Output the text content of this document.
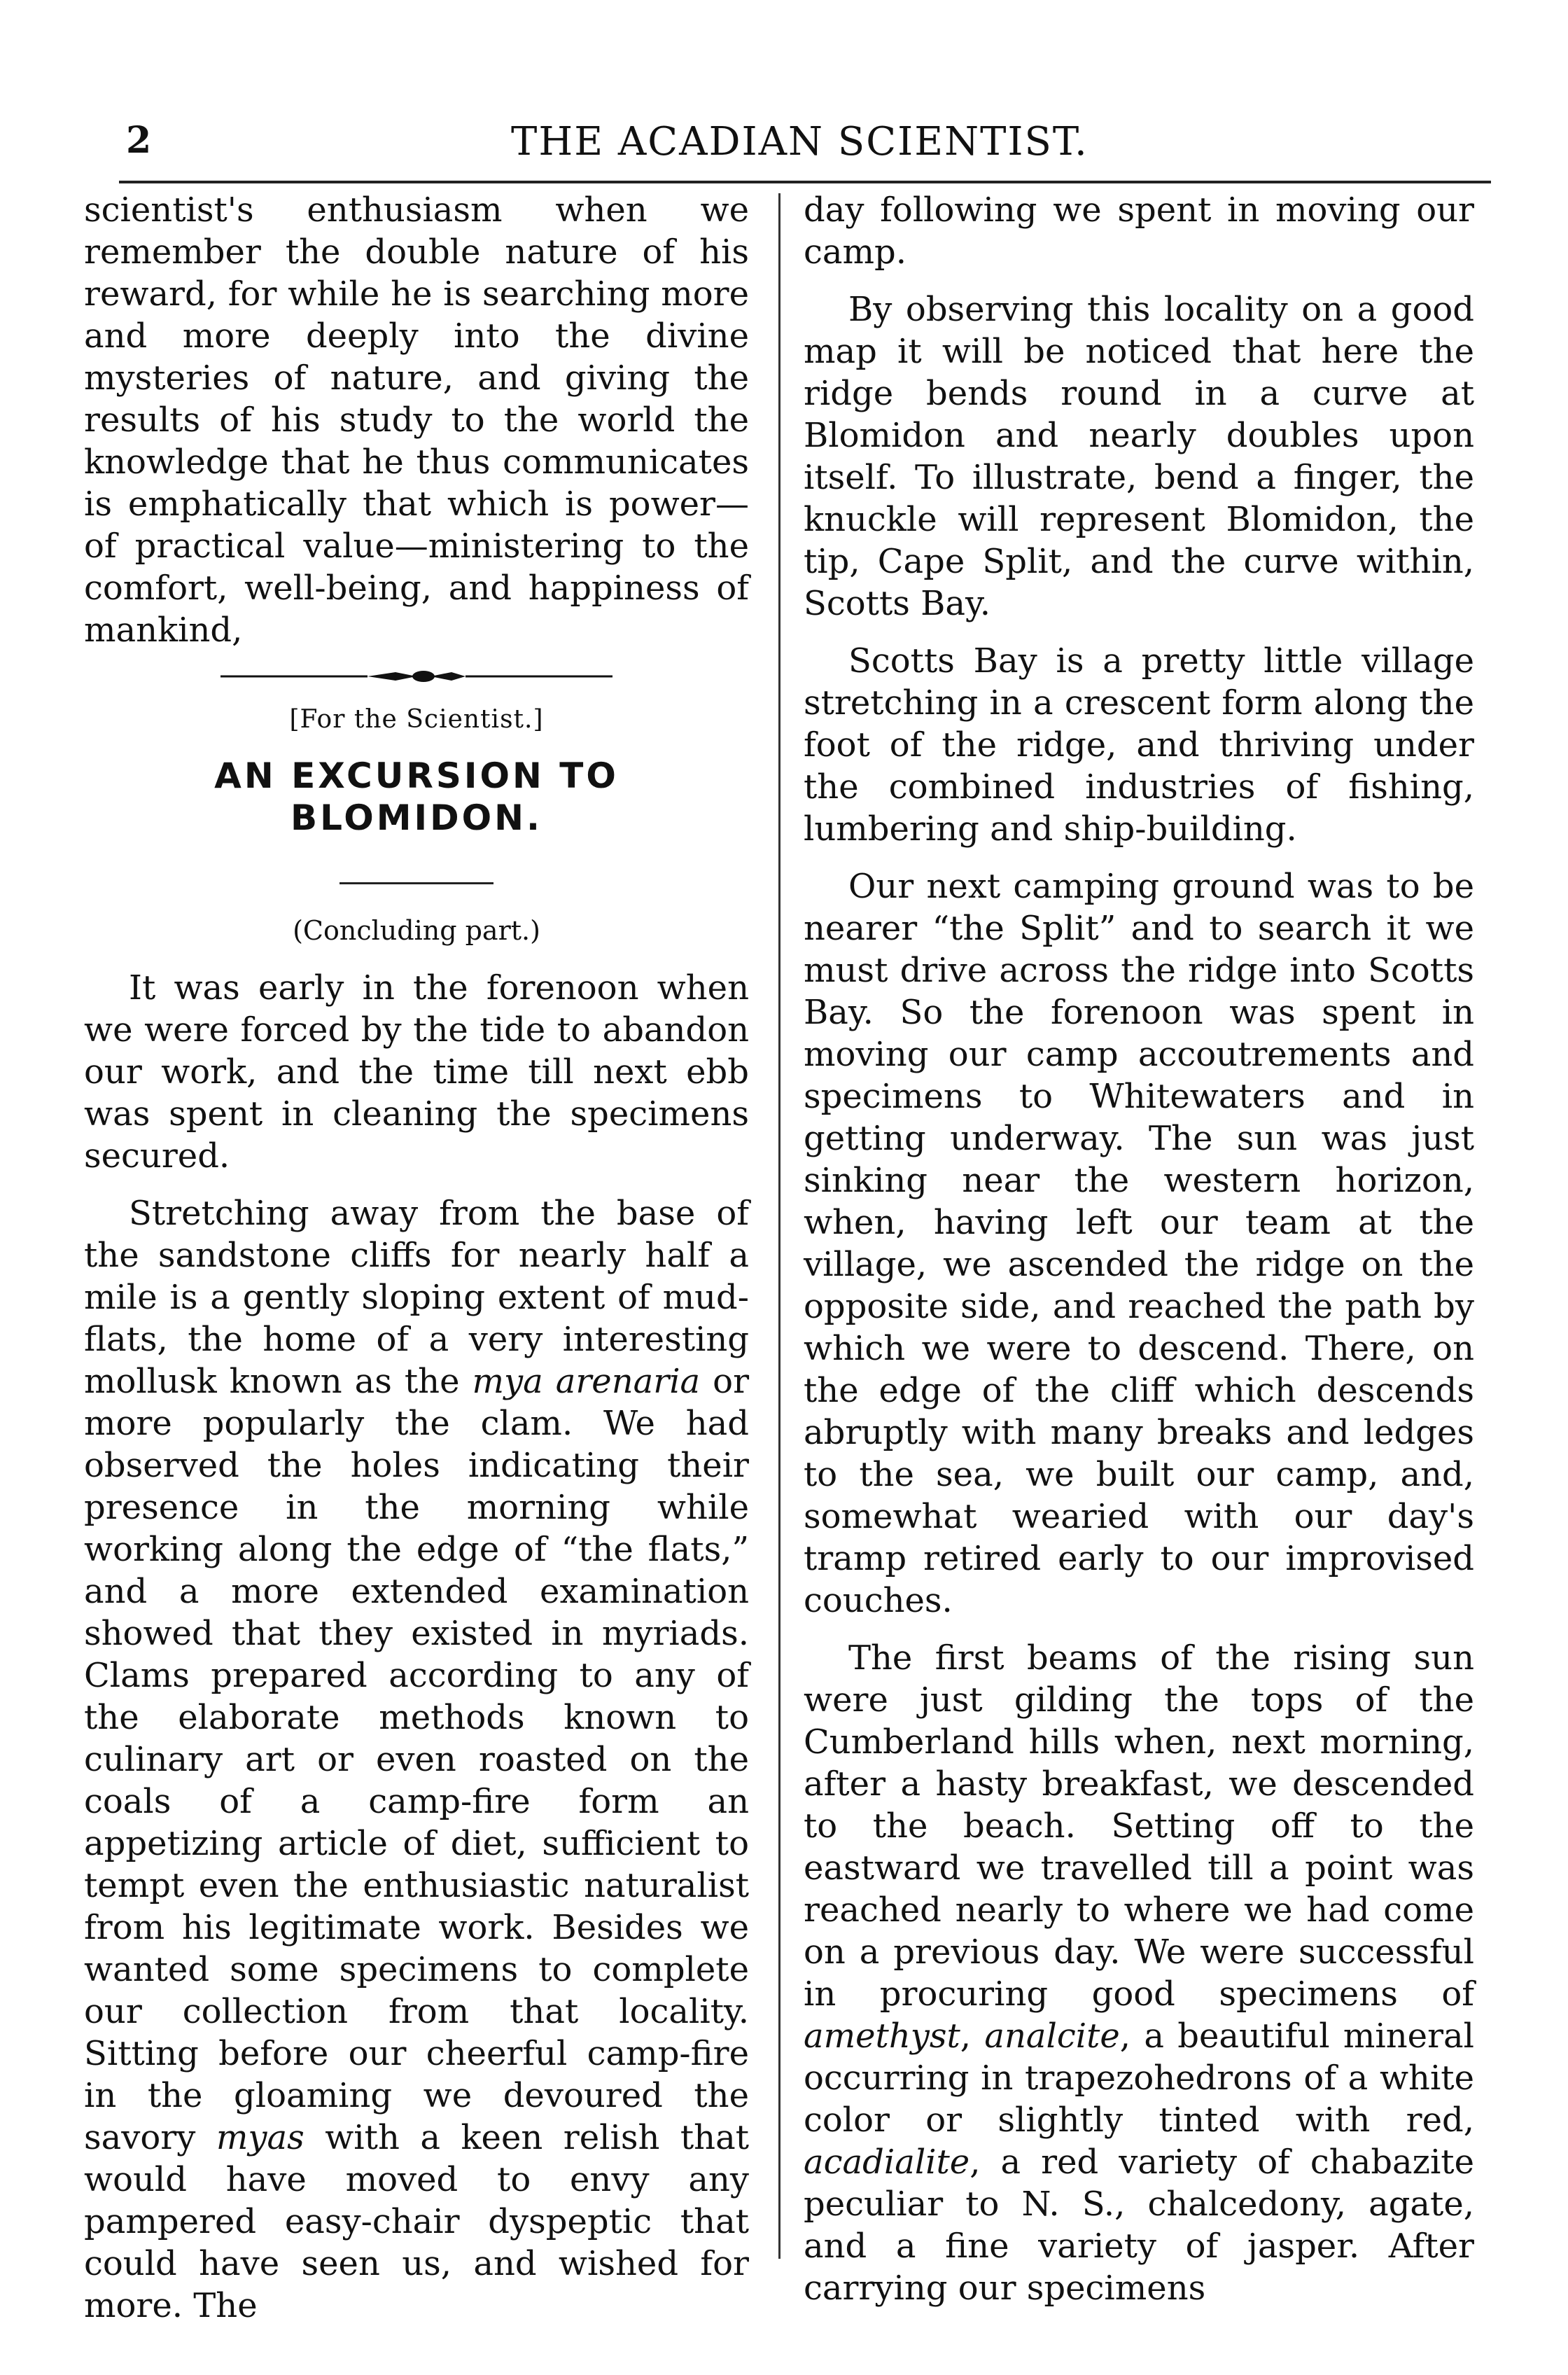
2	THE ACADIAN SCIENTIST.

scientist's enthusiasm when we remember the double nature of his reward, for while he is searching more and more deeply into the divine mysteries of nature, and giving the results of his study to the world the knowledge that he thus communicates is emphatically that which is power—of practical value—ministering to the comfort, well-being, and happiness of mankind,

[For the Scientist.]
AN EXCURSION TO BLOMIDON.
(Concluding part.)

It was early in the forenoon when we were forced by the tide to abandon our work, and the time till next ebb was spent in cleaning the specimens secured.

Stretching away from the base of the sandstone cliffs for nearly half a mile is a gently sloping extent of mud-flats, the home of a very interesting mollusk known as the mya arenaria or more popularly the clam. We had observed the holes indicating their presence in the morning while working along the edge of “the flats,” and a more extended examination showed that they existed in myriads. Clams prepared according to any of the elaborate methods known to culinary art or even roasted on the coals of a camp-fire form an appetizing article of diet, sufficient to tempt even the enthusiastic naturalist from his legitimate work. Besides we wanted some specimens to complete our collection from that locality. Sitting before our cheerful camp-fire in the gloaming we devoured the savory myas with a keen relish that would have moved to envy any pampered easy-chair dyspeptic that could have seen us, and wished for more. The

day following we spent in moving our camp.

By observing this locality on a good map it will be noticed that here the ridge bends round in a curve at Blomidon and nearly doubles upon itself. To illustrate, bend a finger, the knuckle will represent Blomidon, the tip, Cape Split, and the curve within, Scotts Bay.

Scotts Bay is a pretty little village stretching in a crescent form along the foot of the ridge, and thriving under the combined industries of fishing, lumbering and ship-building.

Our next camping ground was to be nearer “the Split” and to search it we must drive across the ridge into Scotts Bay. So the forenoon was spent in moving our camp accoutrements and specimens to Whitewaters and in getting underway. The sun was just sinking near the western horizon, when, having left our team at the village, we ascended the ridge on the opposite side, and reached the path by which we were to descend. There, on the edge of the cliff which descends abruptly with many breaks and ledges to the sea, we built our camp, and, somewhat wearied with our day's tramp retired early to our improvised couches.

The first beams of the rising sun were just gilding the tops of the Cumberland hills when, next morning, after a hasty breakfast, we descended to the beach. Setting off to the eastward we travelled till a point was reached nearly to where we had come on a previous day. We were successful in procuring good specimens of amethyst, analcite, a beautiful mineral occurring in trapezohedrons of a white color or slightly tinted with red, acadialite, a red variety of chabazite peculiar to N. S., chalcedony, agate, and a fine variety of jasper. After carrying our specimens
